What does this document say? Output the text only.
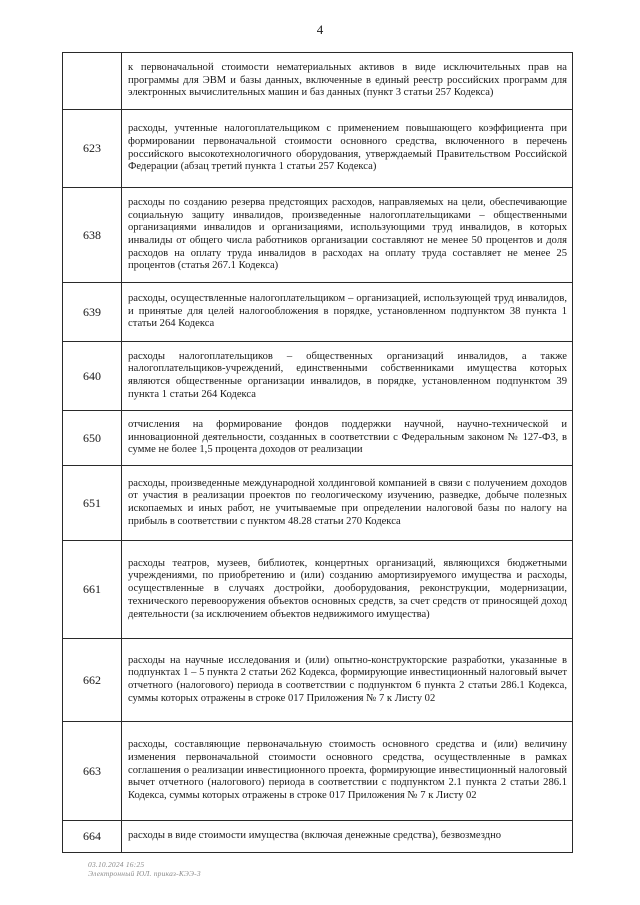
4
	к первоначальной стоимости нематериальных активов в виде исключительных прав на программы для ЭВМ и базы данных, включенные в единый реестр российских программ для электронных вычислительных машин и баз данных (пункт 3 статьи 257 Кодекса)
623	расходы, учтенные налогоплательщиком с применением повышающего коэффициента при формировании первоначальной стоимости основного средства, включенного в перечень российского высокотехнологичного оборудования, утверждаемый Правительством Российской Федерации (абзац третий пункта 1 статьи 257 Кодекса)
638	расходы по созданию резерва предстоящих расходов, направляемых на цели, обеспечивающие социальную защиту инвалидов, произведенные налогоплательщиками – общественными организациями инвалидов и организациями, использующими труд инвалидов, в которых инвалиды от общего числа работников организации составляют не менее 50 процентов и доля расходов на оплату труда инвалидов в расходах на оплату труда составляет не менее 25 процентов (статья 267.1 Кодекса)
639	расходы, осуществленные налогоплательщиком – организацией, использующей труд инвалидов, и принятые для целей налогообложения в порядке, установленном подпунктом 38 пункта 1 статьи 264 Кодекса
640	расходы налогоплательщиков – общественных организаций инвалидов, а также налогоплательщиков-учреждений, единственными собственниками имущества которых являются общественные организации инвалидов, в порядке, установленном подпунктом 39 пункта 1 статьи 264 Кодекса
650	отчисления на формирование фондов поддержки научной, научно-технической и инновационной деятельности, созданных в соответствии с Федеральным законом № 127-ФЗ, в сумме не более 1,5 процента доходов от реализации
651	расходы, произведенные международной холдинговой компанией в связи с получением доходов от участия в реализации проектов по геологическому изучению, разведке, добыче полезных ископаемых и иных работ, не учитываемые при определении налоговой базы по налогу на прибыль в соответствии с пунктом 48.28 статьи 270 Кодекса
661	расходы театров, музеев, библиотек, концертных организаций, являющихся бюджетными учреждениями, по приобретению и (или) созданию амортизируемого имущества и расходы, осуществленные в случаях достройки, дооборудования, реконструкции, модернизации, технического перевооружения объектов основных средств, за счет средств от приносящей доход деятельности (за исключением объектов недвижимого имущества)
662	расходы на научные исследования и (или) опытно-конструкторские разработки, указанные в подпунктах 1 – 5 пункта 2 статьи 262 Кодекса, формирующие инвестиционный налоговый вычет отчетного (налогового) периода в соответствии с подпунктом 6 пункта 2 статьи 286.1 Кодекса, суммы которых отражены в строке 017 Приложения № 7 к Листу 02
663	расходы, составляющие первоначальную стоимость основного средства и (или) величину изменения первоначальной стоимости основного средства, осуществленные в рамках соглашения о реализации инвестиционного проекта, формирующие инвестиционный налоговый вычет отчетного (налогового) периода в соответствии с подпунктом 2.1 пункта 2 статьи 286.1 Кодекса, суммы которых отражены в строке 017 Приложения № 7 к Листу 02
664	расходы в виде стоимости имущества (включая денежные средства), безвозмездно
03.10.2024 16:25
Электронный ЮЛ. приказ-КЭЭ-3
